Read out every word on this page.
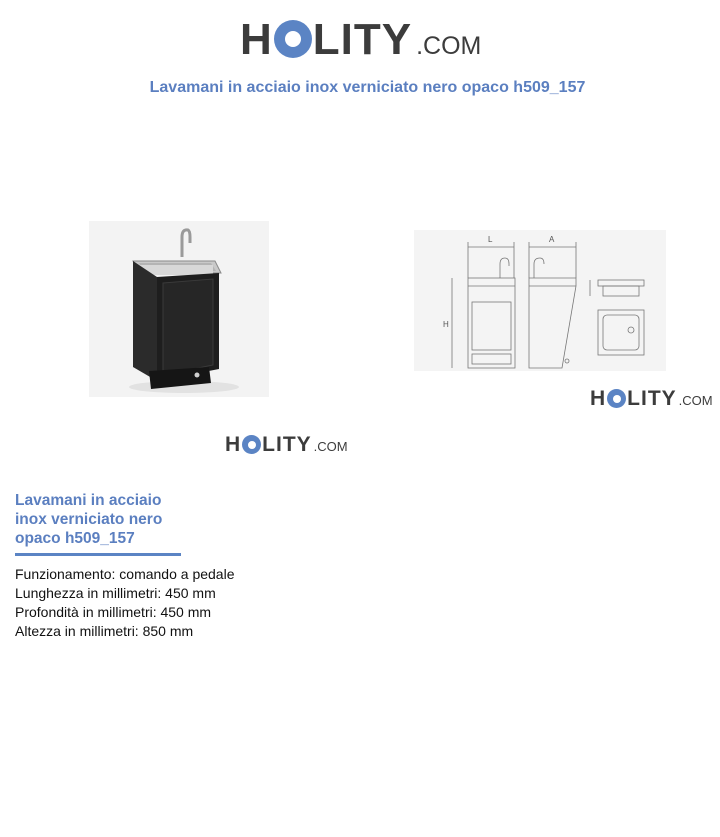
H LITY .COM
Lavamani in acciaio inox verniciato nero opaco h509_157
H LITY .COM
L	A
H
H LITY .COM
Lavamani in acciaio inox verniciato nero opaco h509_157
Funzionamento: comando a pedale
Lunghezza in millimetri: 450 mm
Profondità in millimetri: 450 mm
Altezza in millimetri: 850 mm
